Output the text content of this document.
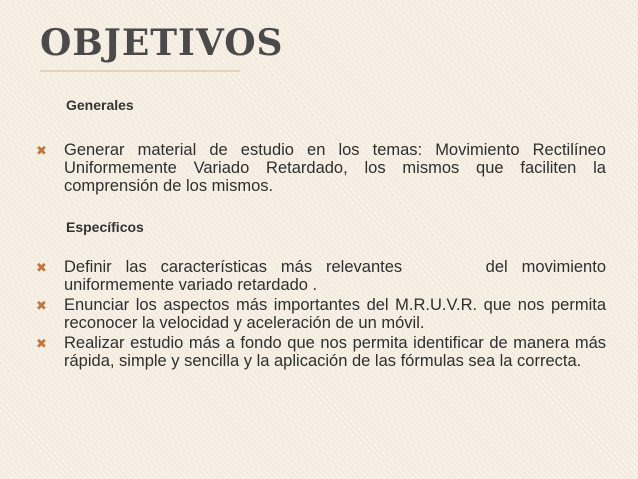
OBJETIVOS
Generales
✖	Generar material de estudio en los temas: Movimiento Rectilíneo Uniformemente Variado Retardado, los mismos que faciliten la comprensión de los mismos.
Específicos
✖	Definir las características más relevantes      del movimiento uniformemente variado retardado .
✖	Enunciar los aspectos más importantes del M.R.U.V.R. que nos permita reconocer la velocidad y aceleración de un móvil.
✖	Realizar estudio más a fondo que nos permita identificar de manera más rápida, simple y sencilla y la aplicación de las fórmulas sea la correcta.
